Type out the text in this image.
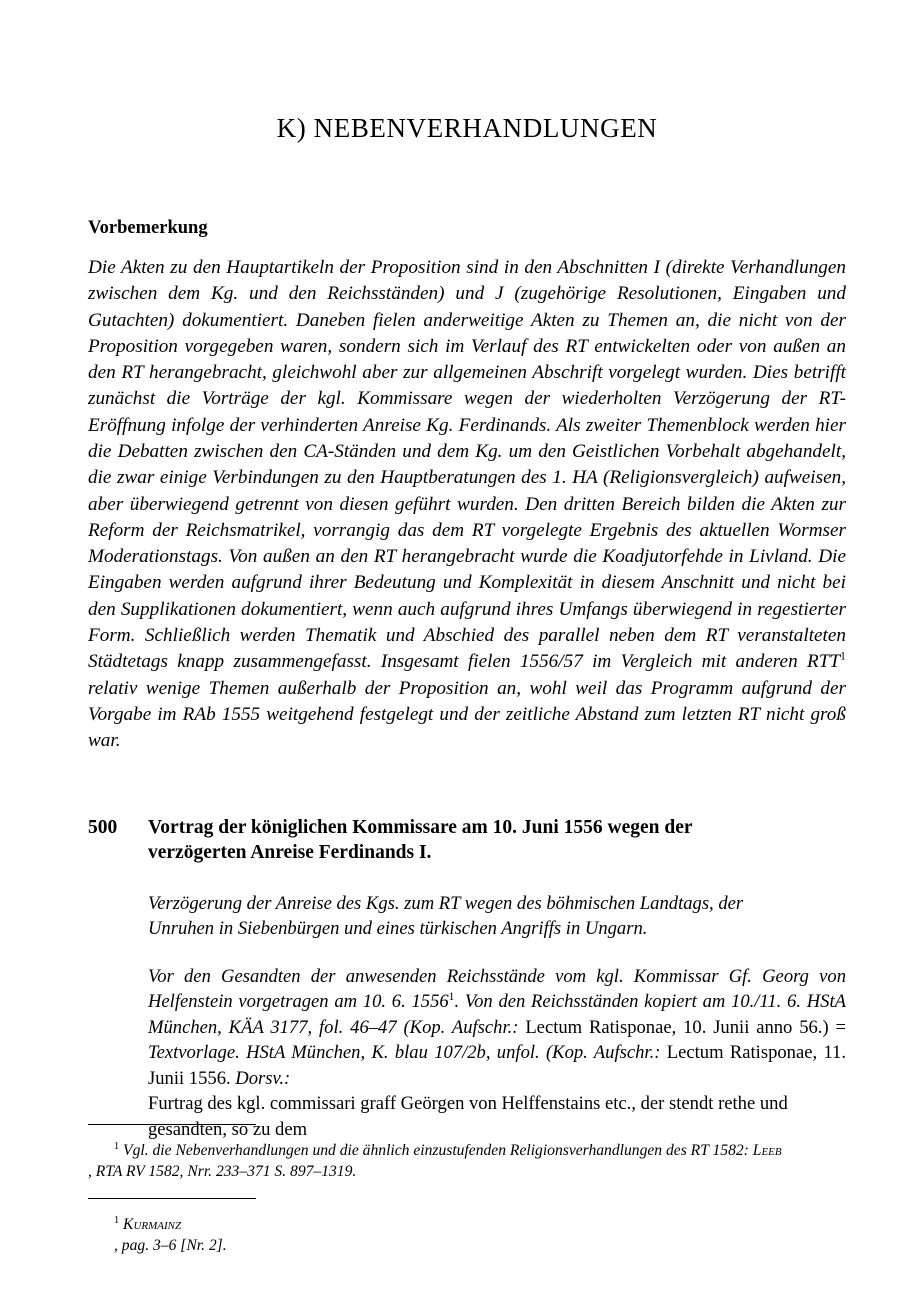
K) NEBENVERHANDLUNGEN
Vorbemerkung

Die Akten zu den Hauptartikeln der Proposition sind in den Abschnitten I (direkte Verhandlungen zwischen dem Kg. und den Reichsständen) und J (zugehörige Resolutionen, Eingaben und Gutachten) dokumentiert. Daneben fielen anderweitige Akten zu Themen an, die nicht von der Proposition vorgegeben waren, sondern sich im Verlauf des RT entwickelten oder von außen an den RT herangebracht, gleichwohl aber zur allgemeinen Abschrift vorgelegt wurden. Dies betrifft zunächst die Vorträge der kgl. Kommissare wegen der wiederholten Verzögerung der RT-Eröffnung infolge der verhinderten Anreise Kg. Ferdinands. Als zweiter Themenblock werden hier die Debatten zwischen den CA-Ständen und dem Kg. um den Geistlichen Vorbehalt abgehandelt, die zwar einige Verbindungen zu den Hauptberatungen des 1. HA (Religionsvergleich) aufweisen, aber überwiegend getrennt von diesen geführt wurden. Den dritten Bereich bilden die Akten zur Reform der Reichsmatrikel, vorrangig das dem RT vorgelegte Ergebnis des aktuellen Wormser Moderationstags. Von außen an den RT herangebracht wurde die Koadjutorfehde in Livland. Die Eingaben werden aufgrund ihrer Bedeutung und Komplexität in diesem Anschnitt und nicht bei den Supplikationen dokumentiert, wenn auch aufgrund ihres Umfangs überwiegend in regestierter Form. Schließlich werden Thematik und Abschied des parallel neben dem RT veranstalteten Städtetags knapp zusammengefasst. Insgesamt fielen 1556/57 im Vergleich mit anderen RTT$^1$ relativ wenige Themen außerhalb der Proposition an, wohl weil das Programm aufgrund der Vorgabe im RAb 1555 weitgehend festgelegt und der zeitliche Abstand zum letzten RT nicht groß war.

500	Vortrag der königlichen Kommissare am 10. Juni 1556 wegen der
verzögerten Anreise Ferdinands I.

Verzögerung der Anreise des Kgs. zum RT wegen des böhmischen Landtags, der
Unruhen in Siebenbürgen und eines türkischen Angriffs in Ungarn.

Vor den Gesandten der anwesenden Reichsstände vom kgl. Kommissar Gf. Georg von Helfenstein vorgetragen am 10. 6. 1556$^1$. Von den Reichsständen kopiert am 10./11. 6. HStA München, KÄA 3177, fol. 46–47 (Kop. Aufschr.: Lectum Ratisponae, 10. Junii anno 56.) = Textvorlage. HStA München, K. blau 107/2b, unfol. (Kop. Aufschr.: Lectum Ratisponae, 11. Junii 1556. Dorsv.:
Furtrag des kgl. commissari graff Geörgen von Helffenstains etc., der stendt rethe und gesandten, so zu dem

$^1$ Vgl. die Nebenverhandlungen und die ähnlich einzustufenden Religionsverhandlungen des RT 1582: Leeb
, RTA RV 1582, Nrr. 233–371 S. 897–1319.

$^1$ Kurmainz
, pag. 3–6 [Nr. 2].
